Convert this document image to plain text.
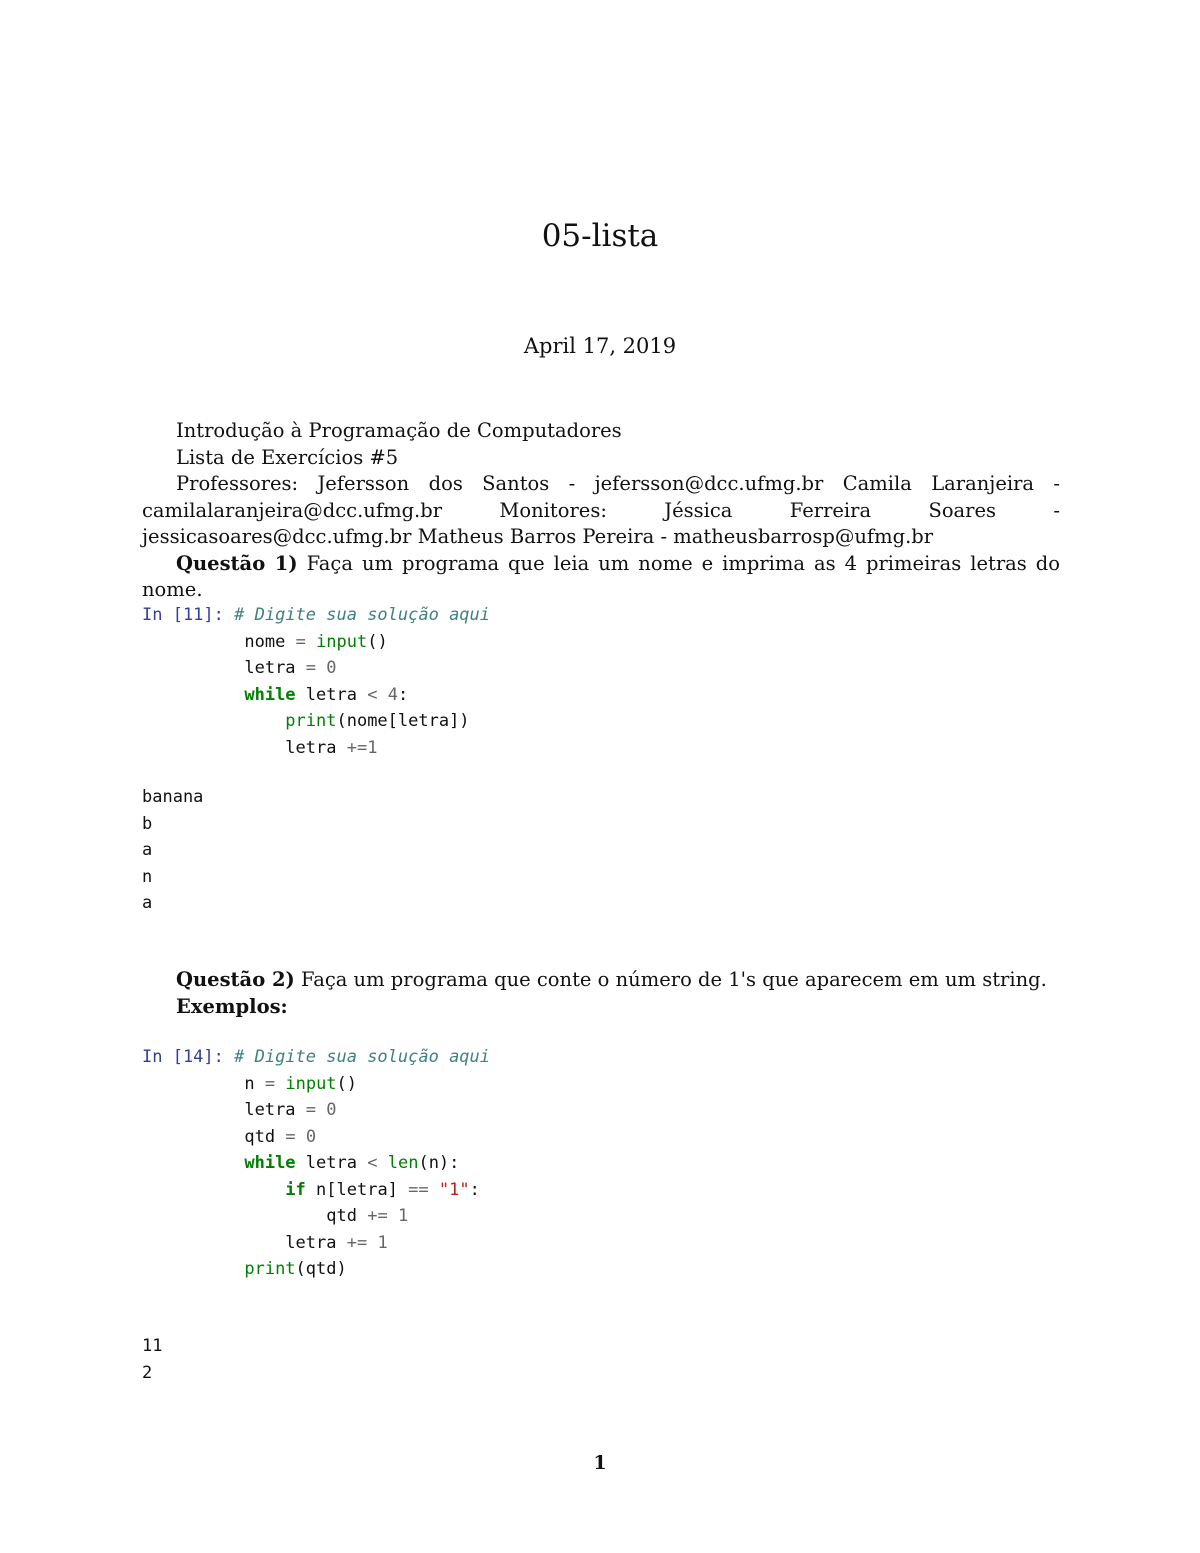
05-lista
April 17, 2019

Introdução à Programação de Computadores

Lista de Exercícios #5

Professores: Jefersson dos Santos - jefersson@dcc.ufmg.br Camila Laranjeira - camilalaranjeira@dcc.ufmg.br Monitores: Jéssica Ferreira Soares - jessicasoares@dcc.ufmg.br Matheus Barros Pereira - matheusbarrosp@ufmg.br

Questão 1) Faça um programa que leia um nome e imprima as 4 primeiras letras do nome.

In [11]: # Digite sua solução aqui
nome = input()
letra = 0
while letra < 4:
print(nome[letra])
letra +=1
banana
b
a
n
a

Questão 2) Faça um programa que conte o número de 1's que aparecem em um string.

Exemplos:

In [14]: # Digite sua solução aqui
n = input()
letra = 0
qtd = 0
while letra < len(n):
if n[letra] == "1":
qtd += 1
letra += 1
print(qtd)
11
2
1
